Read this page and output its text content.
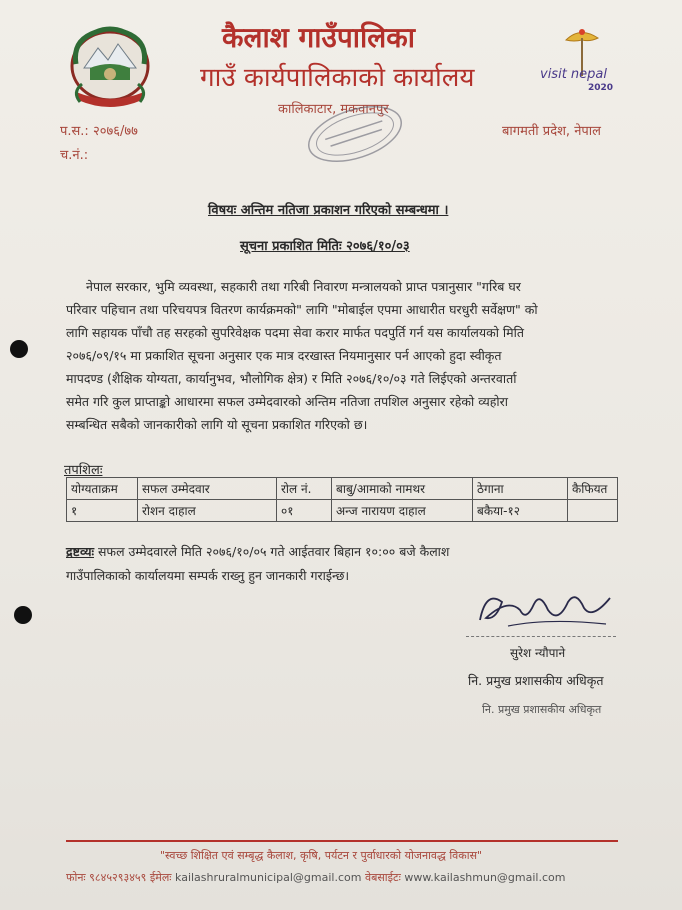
visit nepal
2020
कैलाश गाउँपालिका
गाउँ कार्यपालिकाको कार्यालय
कालिकाटार, मकवानपुर
प.स.: २०७६/७७
च.नं.:
बागमती प्रदेश, नेपाल
विषयः अन्तिम नतिजा प्रकाशन गरिएको सम्बन्धमा ।
सूचना प्रकाशित मितिः २०७६/१०/०३
नेपाल सरकार, भुमि व्यवस्था, सहकारी तथा गरिबी निवारण मन्त्रालयको प्राप्त पत्रानुसार "गरिब घर
परिवार पहिचान तथा परिचयपत्र वितरण कार्यक्रमको" लागि "मोबाईल एपमा आधारीत घरधुरी सर्वेक्षण" को
लागि सहायक पाँचौ तह सरहको सुपरिवेक्षक पदमा सेवा करार मार्फत पदपुर्ति गर्न यस कार्यालयको मिति
२०७६/०९/१५ मा प्रकाशित सूचना अनुसार एक मात्र दरखास्त नियमानुसार पर्न आएको हुदा स्वीकृत
मापदण्ड (शैक्षिक योग्यता, कार्यानुभव, भौलोगिक क्षेत्र) र मिति २०७६/१०/०३ गते लिईएको अन्तरवार्ता
समेत गरि कुल प्राप्ताङ्को आधारमा सफल उम्मेदवारको अन्तिम नतिजा तपशिल अनुसार रहेको व्यहोरा
सम्बन्धित सबैको जानकारीको लागि यो सूचना प्रकाशित गरिएको छ।
तपशिलः
योग्यताक्रम	सफल उम्मेदवार	रोल नं.	बाबु/आमाको नामथर	ठेगाना	कैफियत
१	रोशन दाहाल	०१	अन्ज नारायण दाहाल	बकैया-१२	
द्रष्टव्यः सफल उम्मेदवारले मिति २०७६/१०/०५ गते आईतवार बिहान १०:०० बजे कैलाश
गाउँपालिकाको कार्यालयमा सम्पर्क राख्नु हुन जानकारी गराईन्छ।
सुरेश न्यौपाने
नि. प्रमुख प्रशासकीय अधिकृत
नि. प्रमुख प्रशासकीय अधिकृत
"स्वच्छ शिक्षित एवं सम्बृद्ध कैलाश, कृषि, पर्यटन र पुर्वाधारको योजनावद्ध विकास"
फोनः ९८४५२९३४५९ ईमेलः kailashruralmunicipal@gmail.com वेबसाईटः www.kailashmun@gmail.com
